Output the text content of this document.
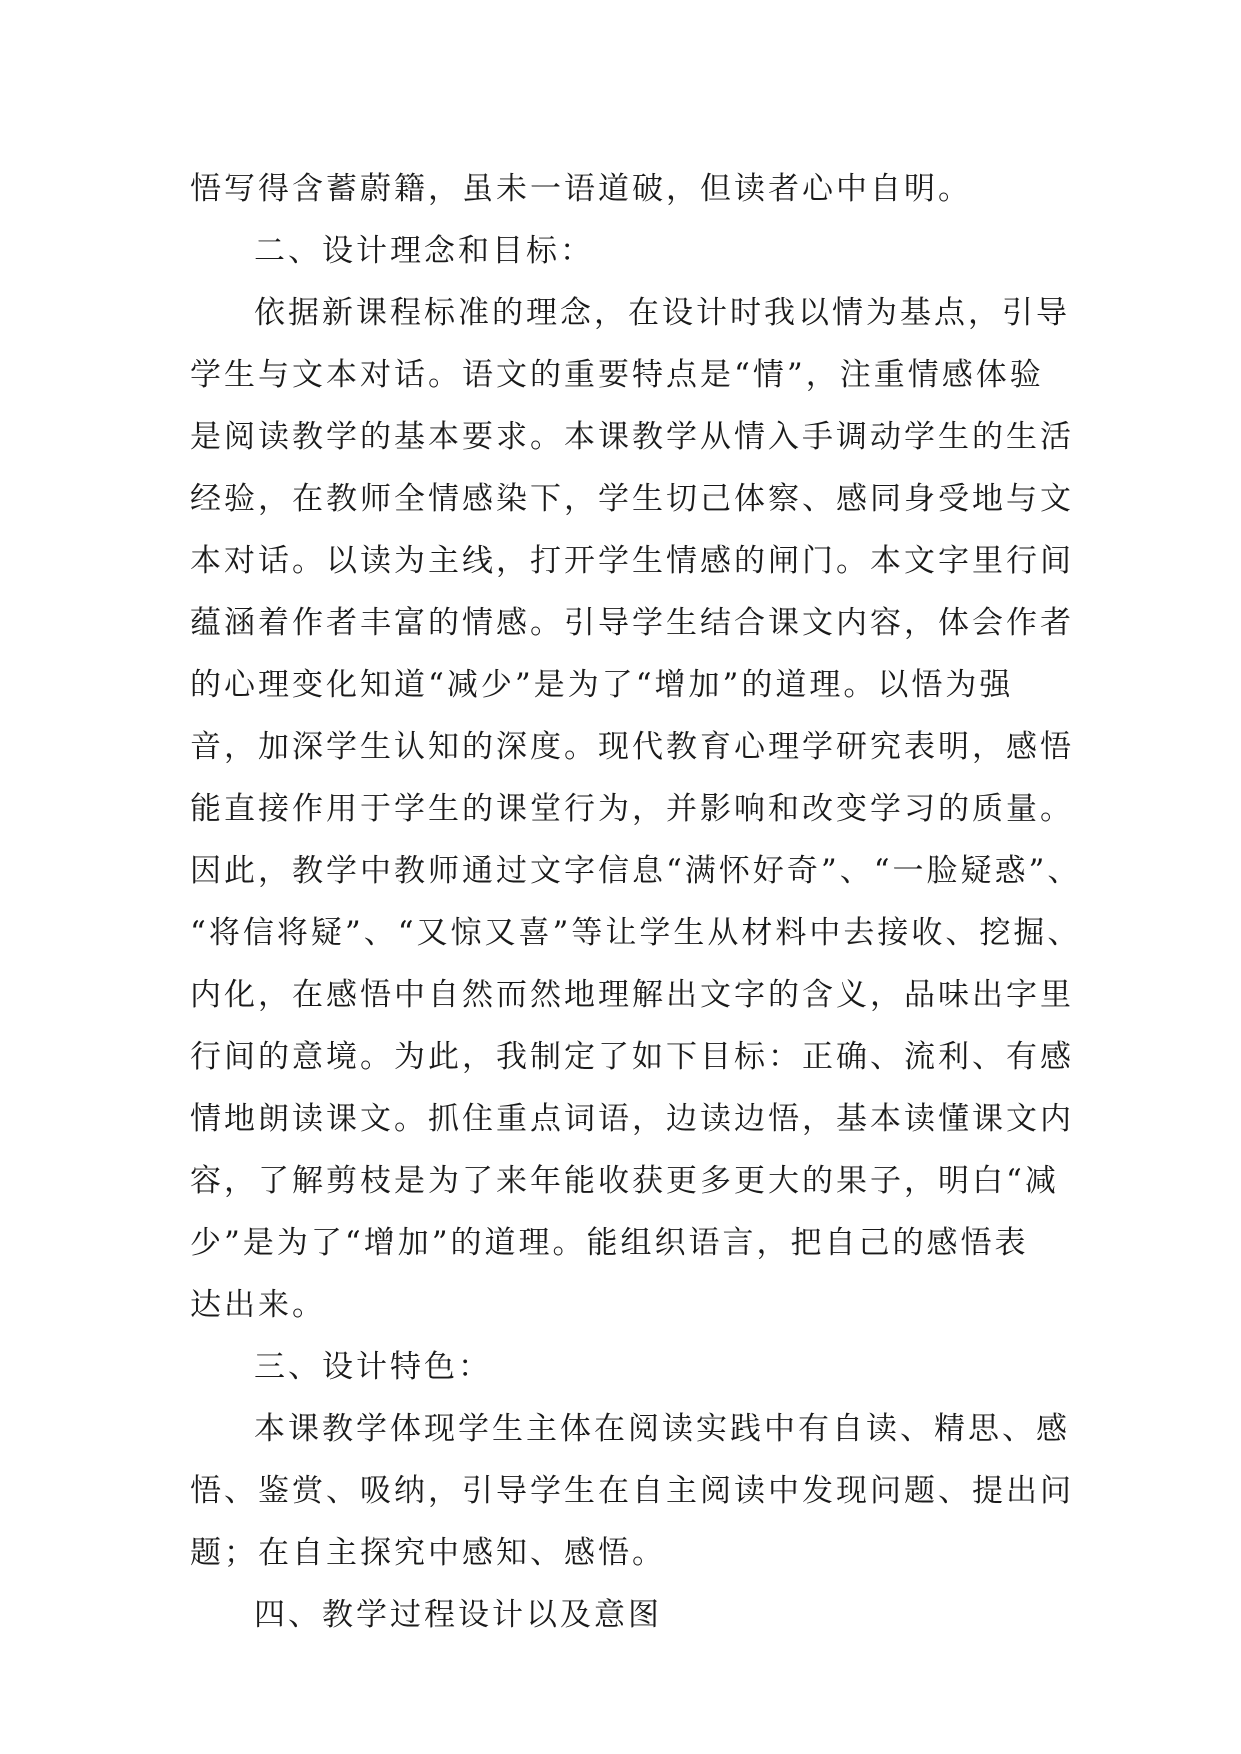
悟写得含蓄蔚籍，虽未一语道破，但读者心中自明。
二、设计理念和目标：
依据新课程标准的理念，在设计时我以情为基点，引导
学生与文本对话。语文的重要特点是“情”，注重情感体验
是阅读教学的基本要求。本课教学从情入手调动学生的生活
经验，在教师全情感染下，学生切己体察、感同身受地与文
本对话。以读为主线，打开学生情感的闸门。本文字里行间
蕴涵着作者丰富的情感。引导学生结合课文内容，体会作者
的心理变化知道“减少”是为了“增加”的道理。以悟为强
音，加深学生认知的深度。现代教育心理学研究表明，感悟
能直接作用于学生的课堂行为，并影响和改变学习的质量。
因此，教学中教师通过文字信息“满怀好奇”、“一脸疑惑”、
“将信将疑”、“又惊又喜”等让学生从材料中去接收、挖掘、
内化，在感悟中自然而然地理解出文字的含义，品味出字里
行间的意境。为此，我制定了如下目标：正确、流利、有感
情地朗读课文。抓住重点词语，边读边悟，基本读懂课文内
容，了解剪枝是为了来年能收获更多更大的果子，明白“减
少”是为了“增加”的道理。能组织语言，把自己的感悟表
达出来。
三、设计特色：
本课教学体现学生主体在阅读实践中有自读、精思、感
悟、鉴赏、吸纳，引导学生在自主阅读中发现问题、提出问
题；在自主探究中感知、感悟。
四、教学过程设计以及意图
